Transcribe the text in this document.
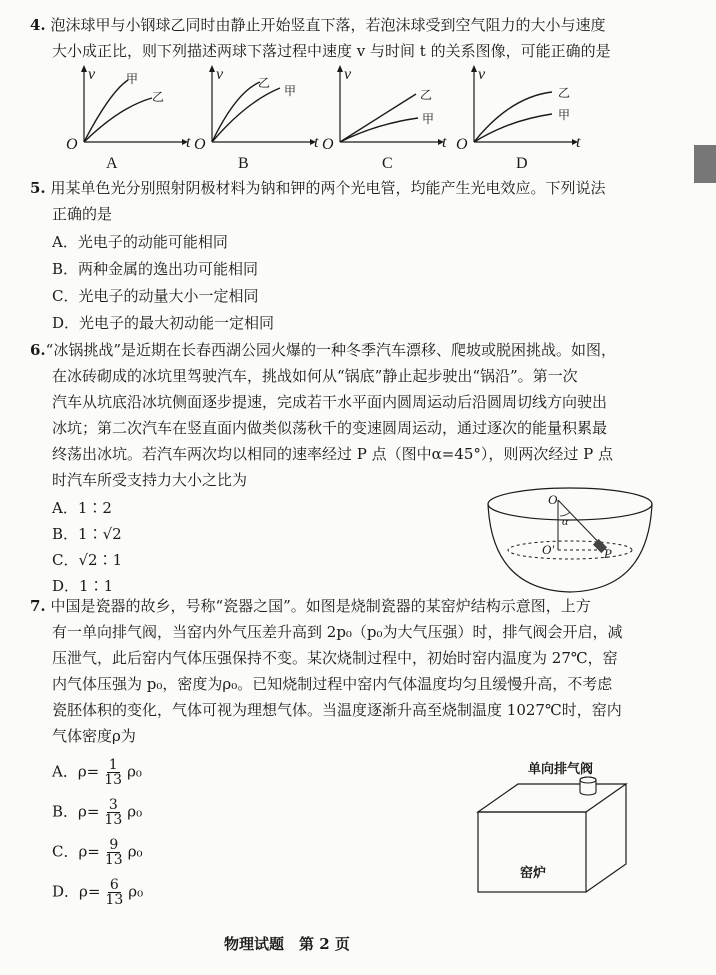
4. 泡沫球甲与小钢球乙同时由静止开始竖直下落，若泡沫球受到空气阻力的大小与速度
大小成正比，则下列描述两球下落过程中速度 v 与时间 t 的关系图像，可能正确的是
v
t
O
甲
乙
A
v
t
O
乙
甲
B
v
t
O
乙
甲
C
v
t
O
乙
甲
D
5. 用某单色光分别照射阴极材料为钠和钾的两个光电管，均能产生光电效应。下列说法
正确的是
A．光电子的动能可能相同
B．两种金属的逸出功可能相同
C．光电子的动量大小一定相同
D．光电子的最大初动能一定相同
6.“冰锅挑战”是近期在长春西湖公园火爆的一种冬季汽车漂移、爬坡或脱困挑战。如图，
在冰砖砌成的冰坑里驾驶汽车，挑战如何从“锅底”静止起步驶出“锅沿”。第一次
汽车从坑底沿冰坑侧面逐步提速，完成若干水平面内圆周运动后沿圆周切线方向驶出
冰坑；第二次汽车在竖直面内做类似荡秋千的变速圆周运动，通过逐次的能量积累最
终荡出冰坑。若汽车两次均以相同的速率经过 P 点（图中α=45°），则两次经过 P 点
时汽车所受支持力大小之比为
A．1∶2
B．1∶√2
C．√2∶1
D．1∶1
O
α
O′	P
7. 中国是瓷器的故乡，号称“瓷器之国”。如图是烧制瓷器的某窑炉结构示意图，上方
有一单向排气阀，当窑内外气压差升高到 2p₀（p₀为大气压强）时，排气阀会开启，减
压泄气，此后窑内气体压强保持不变。某次烧制过程中，初始时窑内温度为 27℃，窑
内气体压强为 p₀，密度为ρ₀。已知烧制过程中窑内气体温度均匀且缓慢升高，不考虑
瓷胚体积的变化，气体可视为理想气体。当温度逐渐升高至烧制温度 1027℃时，窑内
气体密度ρ为
A．$\rho= \frac{1}{13} \rho_0$
B．$\rho= \frac{3}{13} \rho_0$
C．$\rho= \frac{9}{13} \rho_0$
D．$\rho= \frac{6}{13} \rho_0$
单向排气阀
窑炉
物理试题　第 2 页
